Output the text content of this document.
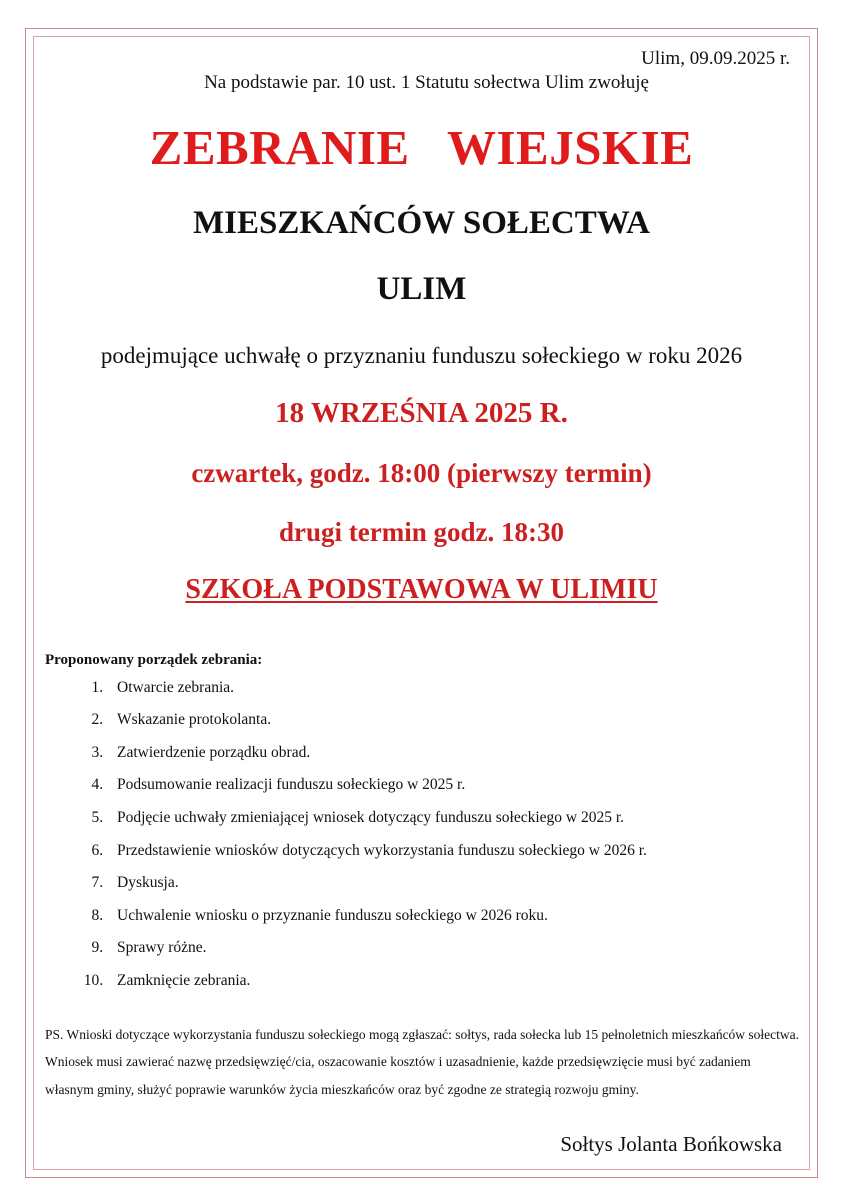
Ulim, 09.09.2025 r.
Na podstawie par. 10 ust. 1 Statutu sołectwa Ulim zwołuję
ZEBRANIE   WIEJSKIE
MIESZKAŃCÓW SOŁECTWA
ULIM
podejmujące uchwałę o przyznaniu funduszu sołeckiego w roku 2026
18 WRZEŚNIA 2025 R.
czwartek, godz. 18:00 (pierwszy termin)
drugi termin godz. 18:30
SZKOŁA PODSTAWOWA W ULIMIU
Proponowany porządek zebrania:
1. Otwarcie zebrania.
2. Wskazanie protokolanta.
3. Zatwierdzenie porządku obrad.
4. Podsumowanie realizacji funduszu sołeckiego w 2025 r.
5. Podjęcie uchwały zmieniającej wniosek dotyczący funduszu sołeckiego w 2025 r.
6. Przedstawienie wniosków dotyczących wykorzystania funduszu sołeckiego w 2026 r.
7. Dyskusja.
8. Uchwalenie wniosku o przyznanie funduszu sołeckiego w 2026 roku.
9. Sprawy różne.
10. Zamknięcie zebrania.
PS. Wnioski dotyczące wykorzystania funduszu sołeckiego mogą zgłaszać: sołtys, rada sołecka lub 15 pełnoletnich mieszkańców sołectwa. Wniosek musi zawierać nazwę przedsięwzięć/cia, oszacowanie kosztów i uzasadnienie, każde przedsięwzięcie musi być zadaniem własnym gminy, służyć poprawie warunków życia mieszkańców oraz być zgodne ze strategią rozwoju gminy.
Sołtys Jolanta Bońkowska
